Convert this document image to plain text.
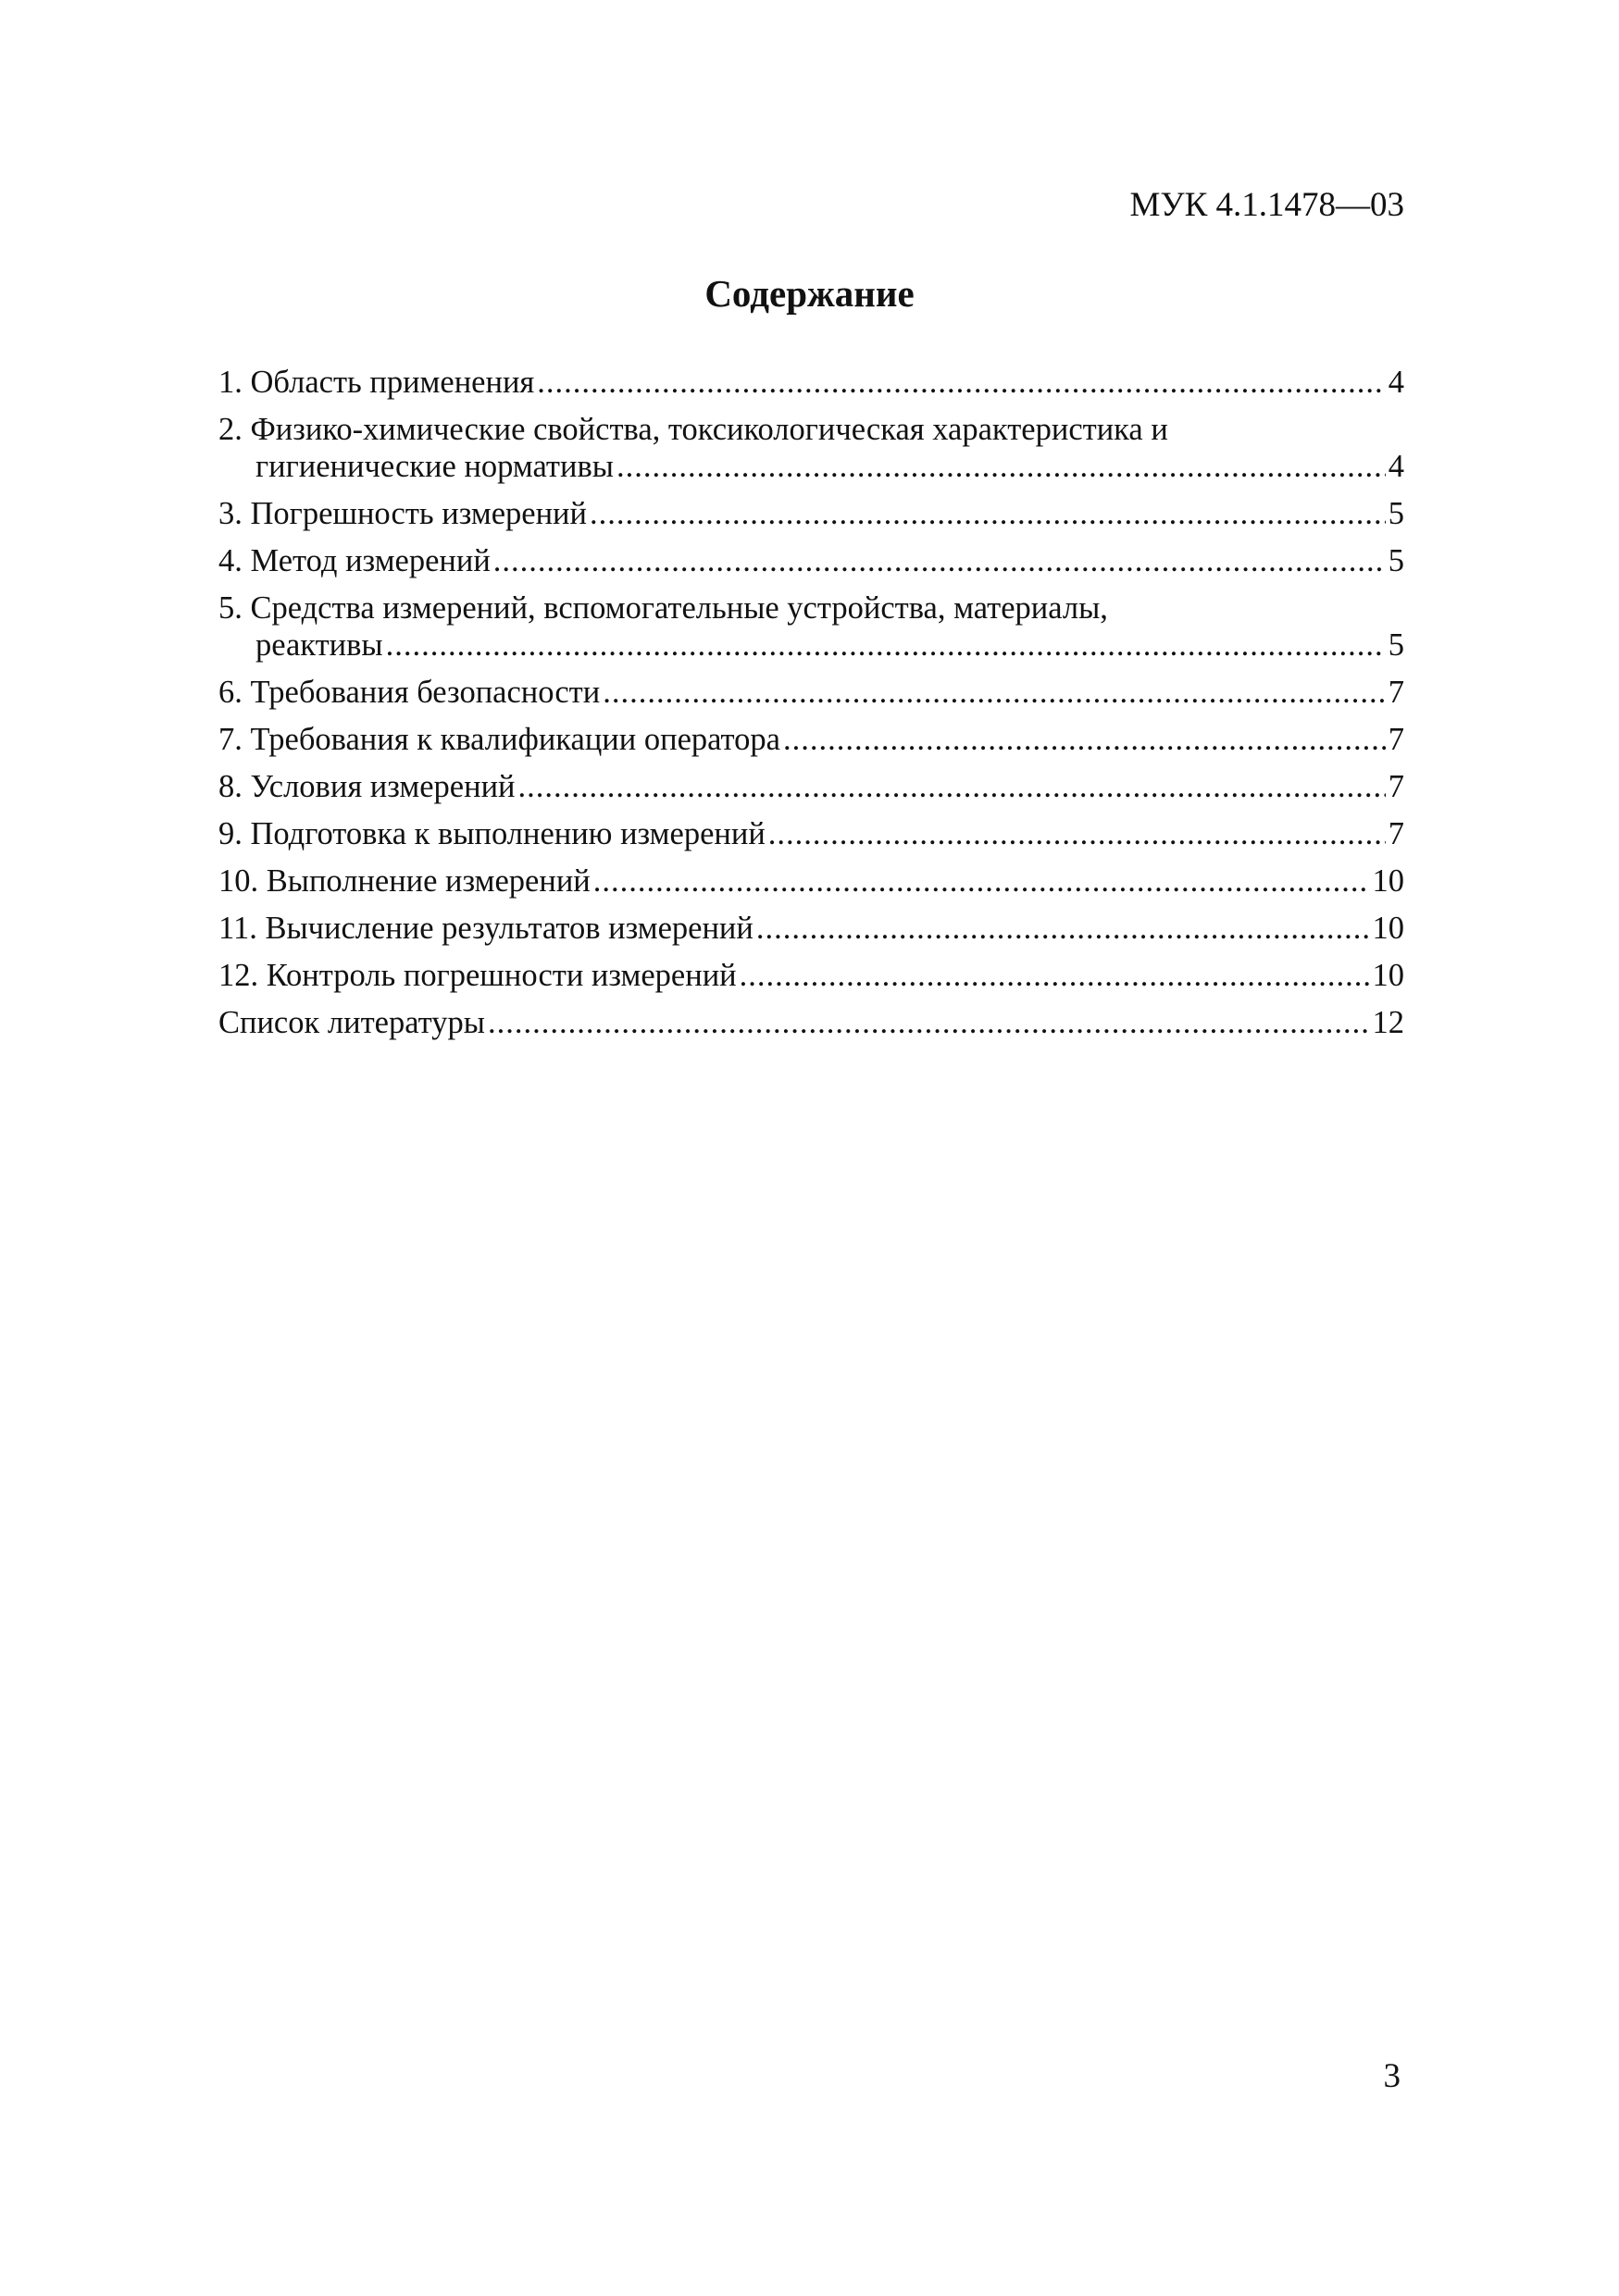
МУК 4.1.1478—03
Содержание
1. Область применения .....	4
2. Физико-химические свойства, токсикологическая характеристика и
гигиенические нормативы .....	4
3. Погрешность измерений .....	5
4. Метод измерений .....	5
5. Средства измерений, вспомогательные устройства, материалы,
реактивы .....	5
6. Требования безопасности .....	7
7. Требования к квалификации оператора .....	7
8. Условия измерений .....	7
9. Подготовка к выполнению измерений .....	7
10. Выполнение измерений .....	10
11. Вычисление результатов измерений .....	10
12. Контроль погрешности измерений .....	10
Список литературы .....	12
3
